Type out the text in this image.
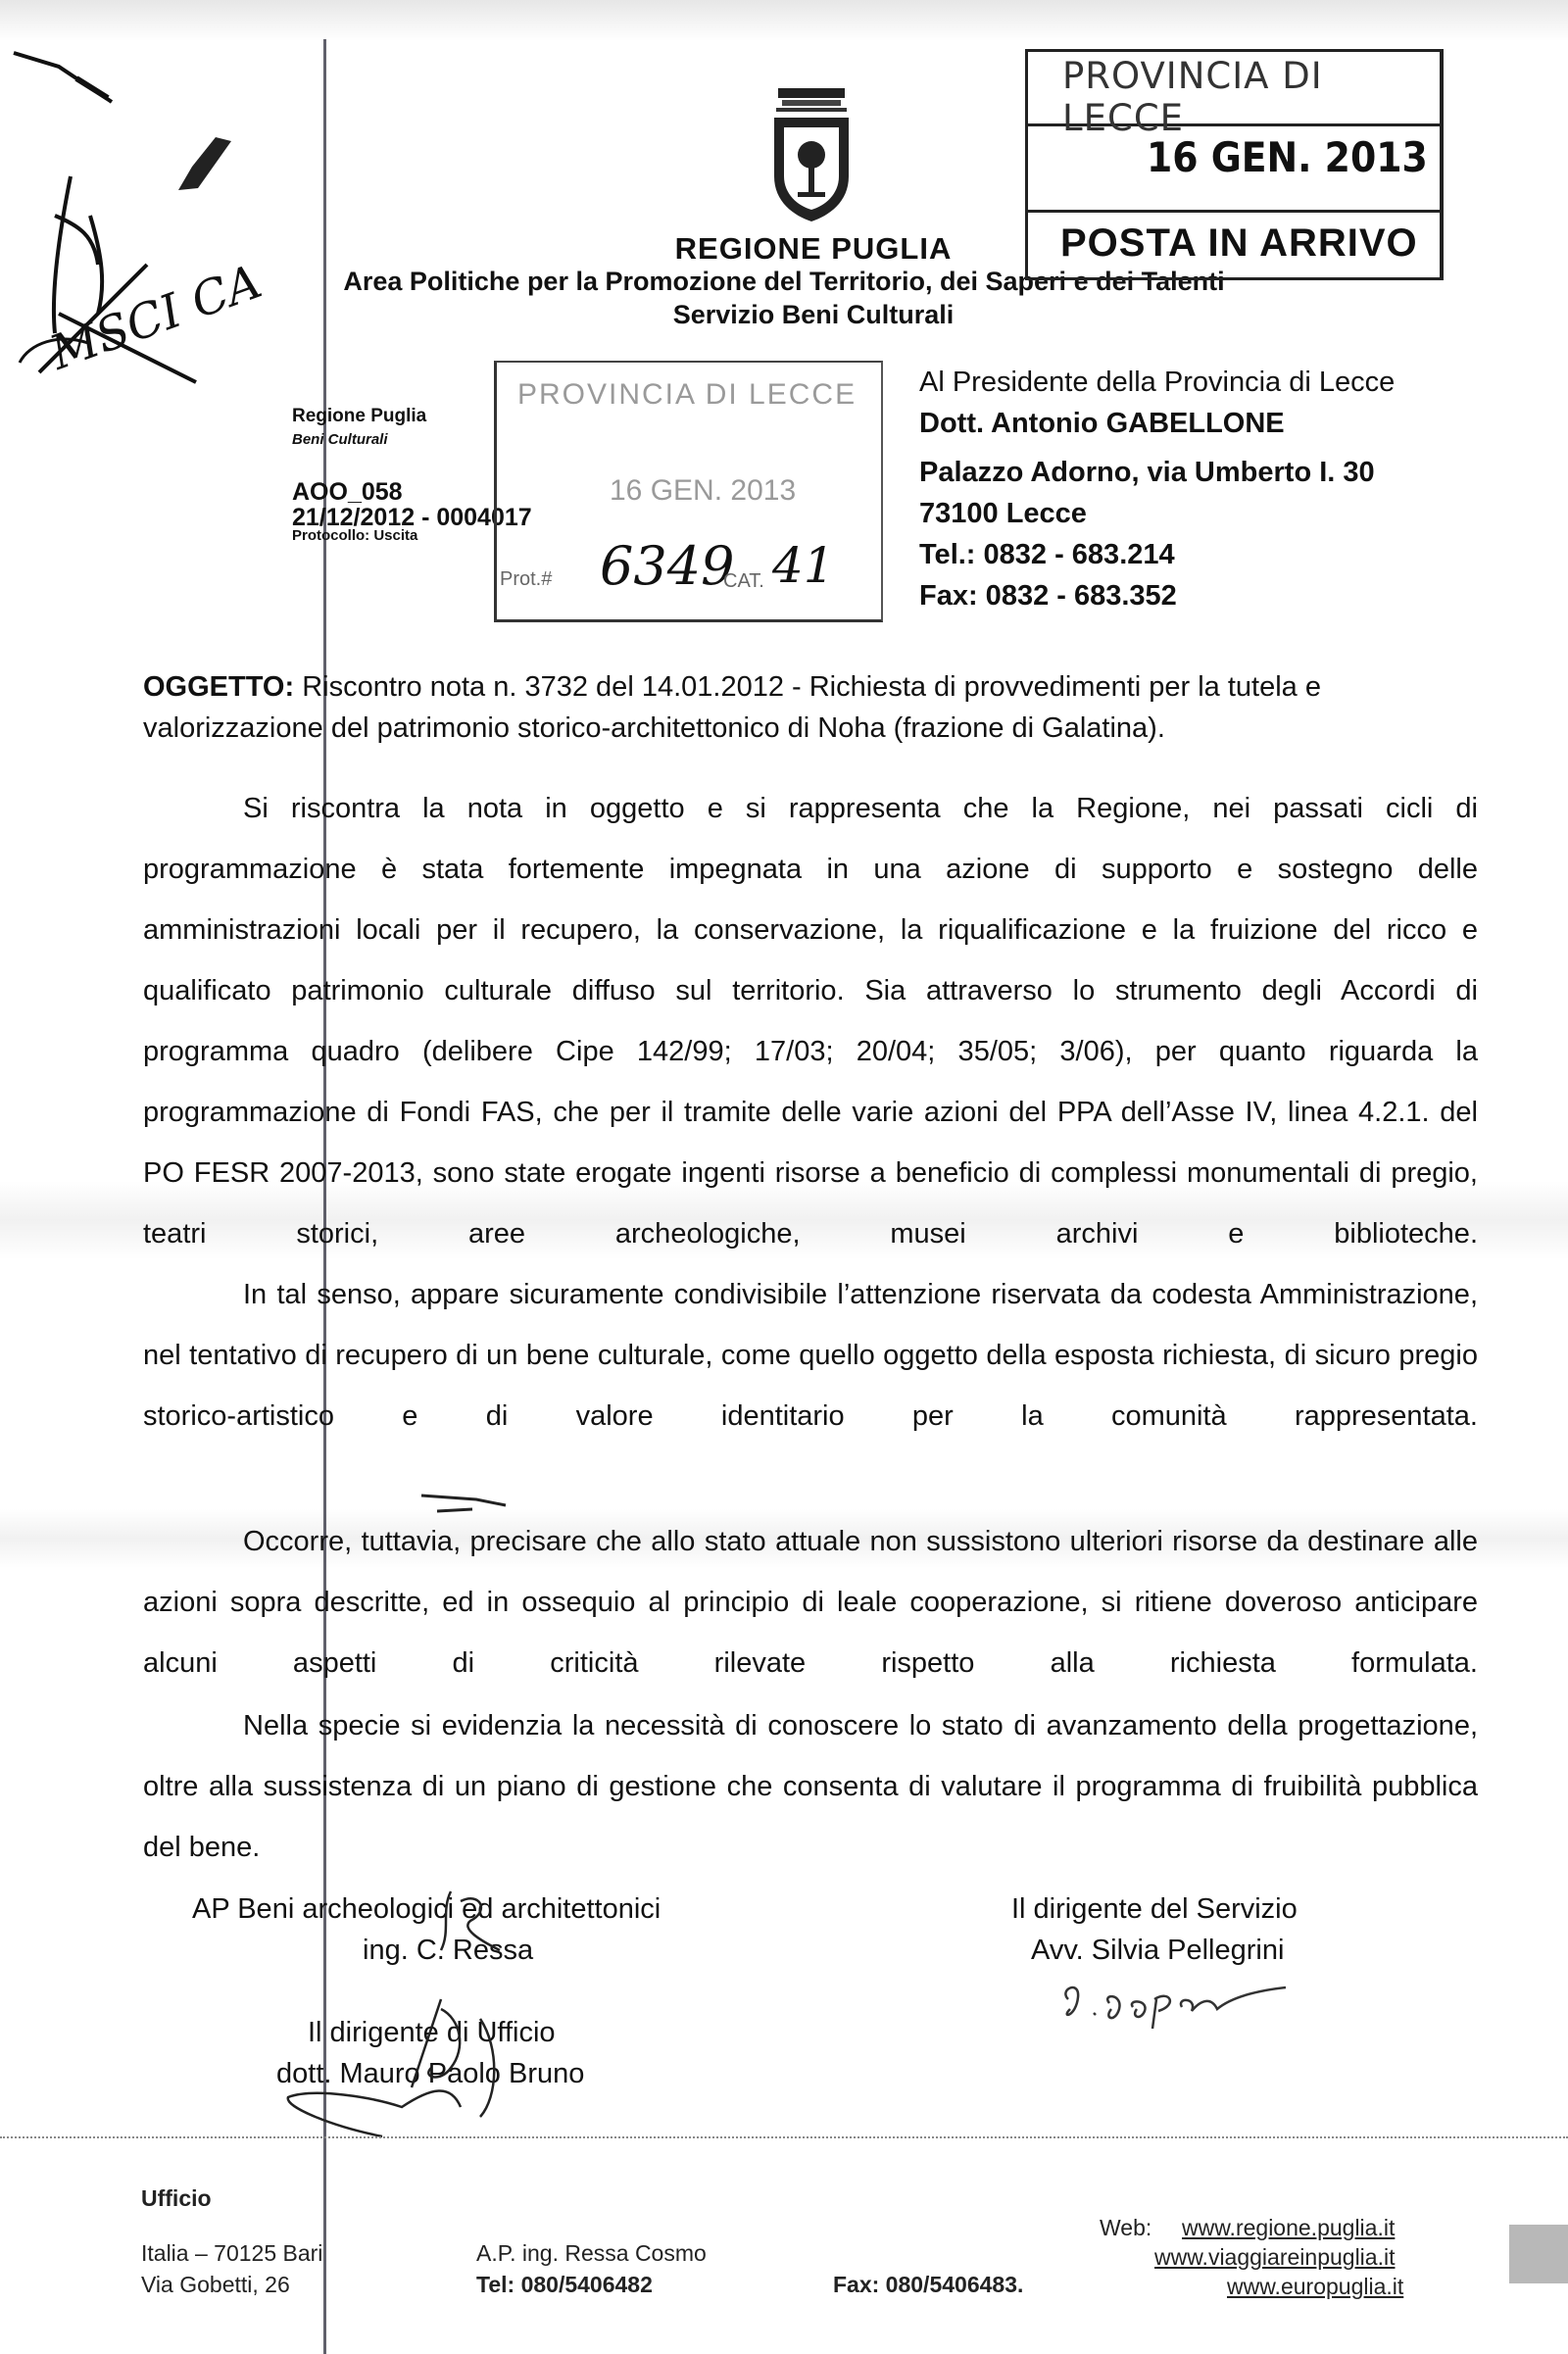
MSCI CA
REGIONE PUGLIA
Area Politiche per la Promozione del Territorio, dei Saperi e dei Talenti
Servizio Beni Culturali
PROVINCIA DI LECCE
16 GEN. 2013
POSTA IN ARRIVO
Regione Puglia
Beni Culturali
AOO_058
21/12/2012 - 0004017
Protocollo: Uscita
PROVINCIA DI LECCE
16 GEN. 2013
Prot.# 6349
CAT. 41
Al Presidente della Provincia di Lecce
Dott. Antonio GABELLONE
Palazzo Adorno, via Umberto I. 30
73100 Lecce
Tel.: 0832 - 683.214
Fax: 0832 - 683.352
OGGETTO: Riscontro nota n. 3732 del 14.01.2012 - Richiesta di provvedimenti per la tutela e valorizzazione del patrimonio storico-architettonico di Noha (frazione di Galatina).
Si riscontra la nota in oggetto e si rappresenta che la Regione, nei passati cicli di programmazione è stata fortemente impegnata in una azione di supporto e sostegno delle amministrazioni locali per il recupero, la conservazione, la riqualificazione e la fruizione del ricco e qualificato patrimonio culturale diffuso sul territorio. Sia attraverso lo strumento degli Accordi di programma quadro (delibere Cipe 142/99; 17/03; 20/04; 35/05; 3/06), per quanto riguarda la programmazione di Fondi FAS, che per il tramite delle varie azioni del PPA dell’Asse IV, linea 4.2.1. del PO FESR 2007-2013, sono state erogate ingenti risorse a beneficio di complessi monumentali di pregio, teatri storici, aree archeologiche, musei archivi e biblioteche.
In tal senso, appare sicuramente condivisibile l’attenzione riservata da codesta Amministrazione, nel tentativo di recupero di un bene culturale, come quello oggetto della esposta richiesta, di sicuro pregio storico-artistico e di valore identitario per la comunità rappresentata.
Occorre, tuttavia, precisare che allo stato attuale non sussistono ulteriori risorse da destinare alle azioni sopra descritte, ed in ossequio al principio di leale cooperazione, si ritiene doveroso anticipare alcuni aspetti di criticità rilevate rispetto alla richiesta formulata.
Nella specie si evidenzia la necessità di conoscere lo stato di avanzamento della progettazione, oltre alla sussistenza di un piano di gestione che consenta di valutare il programma di fruibilità pubblica del bene.
AP Beni archeologici ed architettonici
ing. C. Ressa
Il dirigente del Servizio
Avv. Silvia Pellegrini
Il dirigente di Ufficio
dott. Mauro Paolo Bruno
Ufficio
Italia – 70125 Bari
Via Gobetti, 26
A.P. ing. Ressa Cosmo
Tel: 080/5406482	Fax: 080/5406483.
Web: www.regione.puglia.it
www.viaggiareinpuglia.it
www.europuglia.it
